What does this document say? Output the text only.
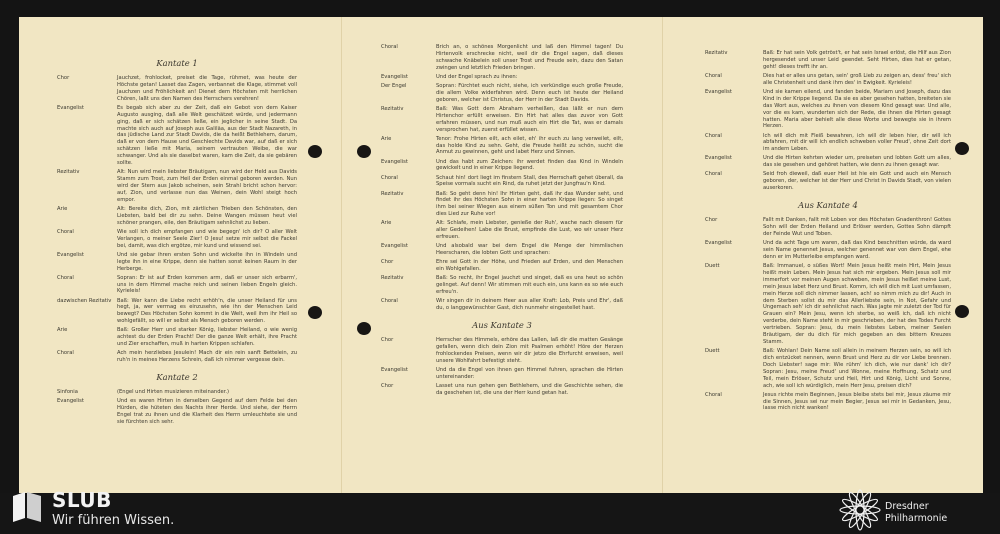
Kantate 1
Chor	Jauchzet, frohlocket, preiset die Tage, rühmet, was heute der Höchste getan! Lasset das Zagen, verbannet die Klage, stimmet voll Jauchzen und Fröhlichkeit an! Dienet dem Höchsten mit herrlichen Chören, laßt uns den Namen des Herrschers verehren!
Evangelist	Es begab sich aber zu der Zeit, daß ein Gebot von dem Kaiser Augusto ausging, daß alle Welt geschätzet würde, und jedermann ging, daß er sich schätzen ließe, ein jeglicher in seine Stadt. Da machte sich auch auf Joseph aus Galiläa, aus der Stadt Nazareth, in das jüdische Land zur Stadt Davids, die da heißt Bethlehem, darum, daß er von dem Hause und Geschlechte Davids war, auf daß er sich schätzen ließe mit Maria, seinem vertrauten Weibe, die war schwanger. Und als sie daselbst waren, kam die Zeit, da sie gebären sollte.
Rezitativ	Alt: Nun wird mein liebster Bräutigam, nun wird der Held aus Davids Stamm zum Trost, zum Heil der Erden einmal geboren werden. Nun wird der Stern aus Jakob scheinen, sein Strahl bricht schon hervor: auf, Zion, und verlasse nun das Weinen, dein Wohl steigt hoch empor.
Arie	Alt: Bereite dich, Zion, mit zärtlichen Trieben den Schönsten, den Liebsten, bald bei dir zu sehn. Deine Wangen müssen heut viel schöner prangen, eile, den Bräutigam sehnlichst zu lieben.
Choral	Wie soll ich dich empfangen und wie begegn' ich dir? O aller Welt Verlangen, o meiner Seele Zier! O Jesu! setze mir selbst die Fackel bei, damit, was dich ergötze, mir kund und wissend sei.
Evangelist	Und sie gebar ihren ersten Sohn und wickelte ihn in Windeln und legte ihn in eine Krippe, denn sie hatten sonst keinen Raum in der Herberge.
Choral	Sopran: Er ist auf Erden kommen arm, daß er unser sich erbarm', uns in dem Himmel mache reich und seinen lieben Engeln gleich. Kyrieleis!
dazwischen Rezitativ	Baß: Wer kann die Liebe recht erhöh'n, die unser Heiland für uns hegt, ja, wer vermag es einzusehn, wie ihn der Menschen Leid bewegt? Des Höchsten Sohn kommt in die Welt, weil ihm ihr Heil so wohlgefällt, so will er selbst als Mensch geboren werden.
Arie	Baß: Großer Herr und starker König, liebster Heiland, o wie wenig achtest du der Erden Pracht! Der die ganze Welt erhält, ihre Pracht und Zier erschaffen, muß in harten Krippen schlafen.
Choral	Ach mein herzliebes Jesulein! Mach dir ein rein sanft Bettelein, zu ruh'n in meines Herzens Schrein, daß ich nimmer vergesse dein.
Kantate 2
Sinfonia	(Engel und Hirten musizieren miteinander.)
Evangelist	Und es waren Hirten in derselben Gegend auf dem Felde bei den Hürden, die hüteten des Nachts ihrer Herde. Und siehe, der Herrn Engel trat zu ihnen und die Klarheit des Herrn umleuchtete sie und sie fürchten sich sehr.
Choral	Brich an, o schönes Morgenlicht und laß den Himmel tagen! Du Hirtenvolk erschrecke nicht, weil dir die Engel sagen, daß dieses schwache Knäbelein soll unser Trost und Freude sein, dazu den Satan zwingen und letztlich Frieden bringen.
Evangelist	Und der Engel sprach zu ihnen:
Der Engel	Sopran: Fürchtet euch nicht, siehe, ich verkündige euch große Freude, die allem Volke widerfahren wird. Denn euch ist heute der Heiland geboren, welcher ist Christus, der Herr in der Stadt Davids.
Rezitativ	Baß: Was Gott dem Abraham verheißen, das läßt er nun dem Hirtenchor erfüllt erweisen. Ein Hirt hat alles das zuvor von Gott erfahren müssen, und nun muß auch ein Hirt die Tat, was er damals versprochen hat, zuerst erfüllet wissen.
Arie	Tenor: Frohe Hirten eilt, ach eilet, eh' ihr euch zu lang verweilet, eilt, das holde Kind zu sehn. Geht, die Freude heißt zu schön, sucht die Anmut zu gewinnen, geht und labet Herz und Sinnen.
Evangelist	Und das habt zum Zeichen: ihr werdet finden das Kind in Windeln gewickelt und in einer Krippe liegend.
Choral	Schaut hin! dort liegt im finstern Stall, des Herrschaft gehet überall, da Speise vormals sucht ein Rind, da ruhet jetzt der Jungfrau'n Kind.
Rezitativ	Baß: So geht denn hin! Ihr Hirten geht, daß ihr das Wunder seht, und findet ihr des Höchsten Sohn in einer harten Krippe liegen: So singet ihm bei seiner Wiegen aus einem süßen Ton und mit gesamtem Chor dies Lied zur Ruhe vor!
Arie	Alt: Schlafe, mein Liebster, genieße der Ruh', wache nach diesem für aller Gedeihen! Labe die Brust, empfinde die Lust, wo wir unser Herz erfreuen.
Evangelist	Und alsobald war bei dem Engel die Menge der himmlischen Heerscharen, die lobten Gott und sprachen:
Chor	Ehre sei Gott in der Höhe, und Frieden auf Erden, und den Menschen ein Wohlgefallen.
Rezitativ	Baß: So recht, ihr Engel jauchzt und singet, daß es uns heut so schön gelinget. Auf denn! Wir stimmen mit euch ein, uns kann es so wie euch erfreu'n.
Choral	Wir singen dir in deinem Heer aus aller Kraft: Lob, Preis und Ehr', daß du, o langgewünschter Gast, dich nunmehr eingestellet hast.
Aus Kantate 3
Chor	Herrscher des Himmels, erhöre das Lallen, laß dir die matten Gesänge gefallen, wenn dich dein Zion mit Psalmen erhöht! Höre der Herzen frohlockendes Preisen, wenn wir dir jetzo die Ehrfurcht erweisen, weil unsere Wohlfahrt befestigt steht.
Evangelist	Und da die Engel von ihnen gen Himmel fuhren, sprachen die Hirten untereinander:
Chor	Lasset uns nun gehen gen Bethlehem, und die Geschichte sehen, die da geschehen ist, die uns der Herr kund getan hat.
Rezitativ	Baß: Er hat sein Volk getröst't, er hat sein Israel erlöst, die Hilf aus Zion hergesendet und unser Leid geendet. Seht Hirten, dies hat er getan, geht! dieses trefft ihr an.
Choral	Dies hat er alles uns getan, sein' groß Lieb zu zeigen an, dess' freu' sich alle Christenheit und dank ihm des' in Ewigkeit. Kyrieleis!
Evangelist	Und sie kamen eilend, und fanden beide, Mariam und Joseph, dazu das Kind in der Krippe liegend. Da sie es aber gesehen hatten, breiteten sie das Wort aus, welches zu ihnen von diesem Kind gesagt war. Und alle, vor die es kam, wunderten sich der Rede, die ihnen die Hirten gesagt hatten. Maria aber behielt alle diese Worte und bewegte sie in ihrem Herzen.
Choral	Ich will dich mit Fleiß bewahren, ich will dir leben hier, dir will ich abfahren, mit dir will ich endlich schweben voller Freud', ohne Zeit dort im andern Leben.
Evangelist	Und die Hirten kehrten wieder um, preiseten und lobten Gott um alles, das sie gesehen und gehöret hatten, wie denn zu ihnen gesagt war.
Choral	Seid froh dieweil, daß euer Heil ist hie ein Gott und auch ein Mensch geboren, der, welcher ist der Herr und Christ in Davids Stadt, von vielen auserkoren.
Aus Kantate 4
Chor	Fallt mit Danken, fallt mit Loben vor des Höchsten Gnadenthron! Gottes Sohn will der Erden Heiland und Erlöser werden, Gottes Sohn dämpft der Feinde Wut und Toben.
Evangelist	Und da acht Tage um waren, daß das Kind beschnitten würde, da ward sein Name genennet Jesus, welcher genennet war von dem Engel, ehe denn er im Mutterleibe empfangen ward.
Duett	Baß: Immanuel, o süßes Wort! Mein Jesus heißt mein Hirt, Mein Jesus heißt mein Leben. Mein Jesus hat sich mir ergeben. Mein Jesus soll mir immerfort vor meinen Augen schweben, mein Jesus heißet meine Lust, mein Jesus labet Herz und Brust. Komm, ich will dich mit Lust umfassen, mein Herze soll dich nimmer lassen, ach! so nimm mich zu dir! Auch in dem Sterben sollst du mir das Allerliebste sein, in Not, Gefahr und Ungemach seh' ich dir sehnlichst nach. Was jagte mir zuletzt der Tod für Grauen ein? Mein Jesu, wenn ich sterbe, so weiß ich, daß ich nicht verderbe, dein Name steht in mir geschrieben, der hat des Todes Furcht vertrieben. Sopran: Jesu, du mein liebstes Leben, meiner Seelen Bräutigam, der du dich für mich gegeben an des bittern Kreuzes Stamm.
Duett	Baß: Wohlan! Dein Name soll allein in meinem Herzen sein, so will ich dich entzücket nennen, wenn Brust und Herz zu dir vor Liebe brennen. Doch Liebster! sage mir: Wie rühm' ich dich, wie nur dank' ich dir? Sopran: Jesu, meine Freud' und Wonne, meine Hoffnung, Schatz und Teil, mein Erlöser, Schutz und Heil, Hirt und König, Licht und Sonne, ach, wie soll ich würdiglich, mein Herr Jesu, preisen dich?
Choral	Jesus richte mein Beginnen, Jesus bleibe stets bei mir, Jesus zäume mir die Sinnen, Jesus sei nur mein Begier, Jesus sei mir in Gedanken, Jesu, lasse mich nicht wanken!
SLUB
Wir führen Wissen.
Dresdner
Philharmonie
